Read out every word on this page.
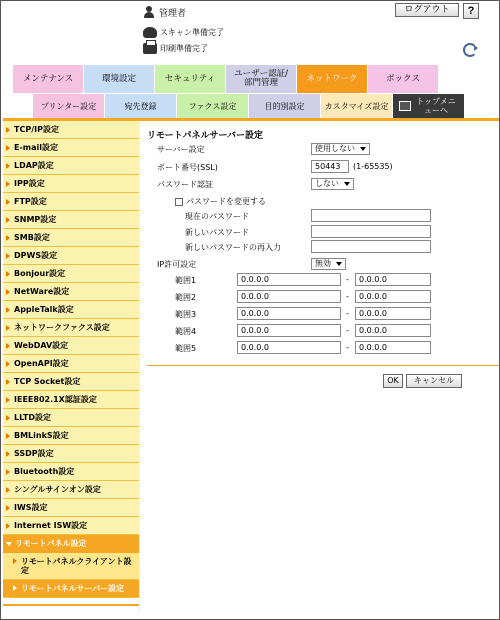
管理者	ログアウト	?
スキャン準備完了
印刷準備完了
メンテナンス	環境設定	セキュリティ	ユーザー認証/部門管理	ネットワーク	ボックス
プリンター設定	宛先登録	ファクス設定	目的別設定	カスタマイズ設定	トップメニューへ
TCP/IP設定
E-mail設定
LDAP設定
IPP設定
FTP設定
SNMP設定
SMB設定
DPWS設定
Bonjour設定
NetWare設定
AppleTalk設定
ネットワークファクス設定
WebDAV設定
OpenAPI設定
TCP Socket設定
IEEE802.1X認証設定
LLTD設定
BMLinkS設定
SSDP設定
Bluetooth設定
シングルサインオン設定
IWS設定
Internet ISW設定
リモートパネル設定
リモートパネルクライアント設定
リモートパネルサーバー設定
リモートパネルサーバー設定
サーバー設定	使用しない
ポート番号(SSL)	50443	(1-65535)
パスワード認証	しない
パスワードを変更する
現在のパスワード
新しいパスワード
新しいパスワードの再入力
IP許可設定	無効
範囲1	0.0.0.0	-	0.0.0.0
範囲2	0.0.0.0	-	0.0.0.0
範囲3	0.0.0.0	-	0.0.0.0
範囲4	0.0.0.0	-	0.0.0.0
範囲5	0.0.0.0	-	0.0.0.0
OK	キャンセル
